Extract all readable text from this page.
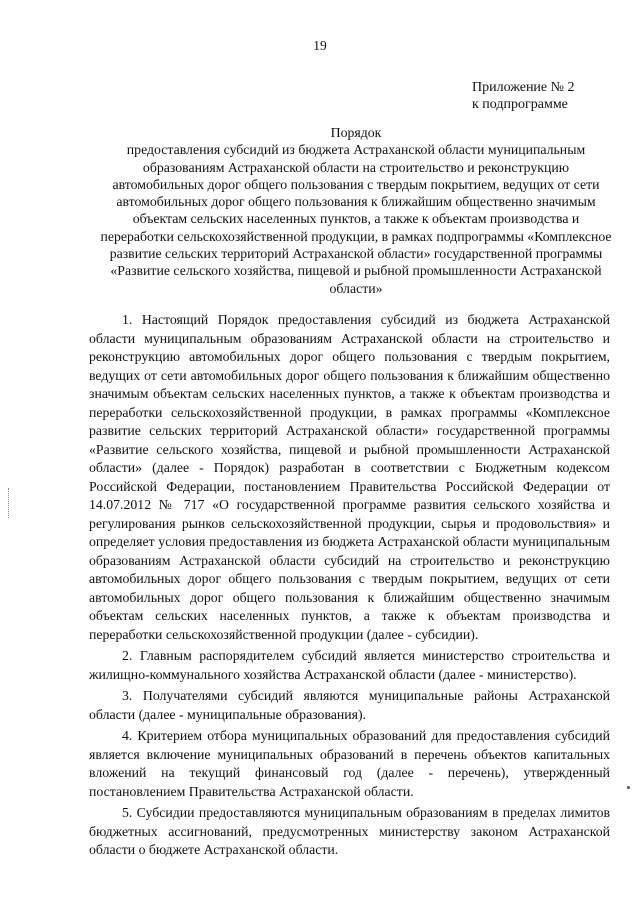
19
Приложение № 2
к подпрограмме
Порядок
предоставления субсидий из бюджета Астраханской области муниципальным образованиям Астраханской области на строительство и реконструкцию автомобильных дорог общего пользования с твердым покрытием, ведущих от сети автомобильных дорог общего пользования к ближайшим общественно значимым объектам сельских населенных пунктов, а также к объектам производства и переработки сельскохозяйственной продукции, в рамках подпрограммы «Комплексное развитие сельских территорий Астраханской области» государственной программы «Развитие сельского хозяйства, пищевой и рыбной промышленности Астраханской области»

1. Настоящий Порядок предоставления субсидий из бюджета Астраханской области муниципальным образованиям Астраханской области на строительство и реконструкцию автомобильных дорог общего пользования с твердым покрытием, ведущих от сети автомобильных дорог общего пользования к ближайшим общественно значимым объектам сельских населенных пунктов, а также к объектам производства и переработки сельскохозяйственной продукции, в рамках программы «Комплексное развитие сельских территорий Астраханской области» государственной программы «Развитие сельского хозяйства, пищевой и рыбной промышленности Астраханской области» (далее - Порядок) разработан в соответствии с Бюджетным кодексом Российской Федерации, постановлением Правительства Российской Федерации от 14.07.2012 № 717 «О государственной программе развития сельского хозяйства и регулирования рынков сельскохозяйственной продукции, сырья и продовольствия» и определяет условия предоставления из бюджета Астраханской области муниципальным образованиям Астраханской области субсидий на строительство и реконструкцию автомобильных дорог общего пользования с твердым покрытием, ведущих от сети автомобильных дорог общего пользования к ближайшим общественно значимым объектам сельских населенных пунктов, а также к объектам производства и переработки сельскохозяйственной продукции (далее - субсидии).

2. Главным распорядителем субсидий является министерство строительства и жилищно-коммунального хозяйства Астраханской области (далее - министерство).

3. Получателями субсидий являются муниципальные районы Астраханской области (далее - муниципальные образования).

4. Критерием отбора муниципальных образований для предоставления субсидий является включение муниципальных образований в перечень объектов капитальных вложений на текущий финансовый год (далее - перечень), утвержденный постановлением Правительства Астраханской области.

5. Субсидии предоставляются муниципальным образованиям в пределах лимитов бюджетных ассигнований, предусмотренных министерству законом Астраханской области о бюджете Астраханской области.
